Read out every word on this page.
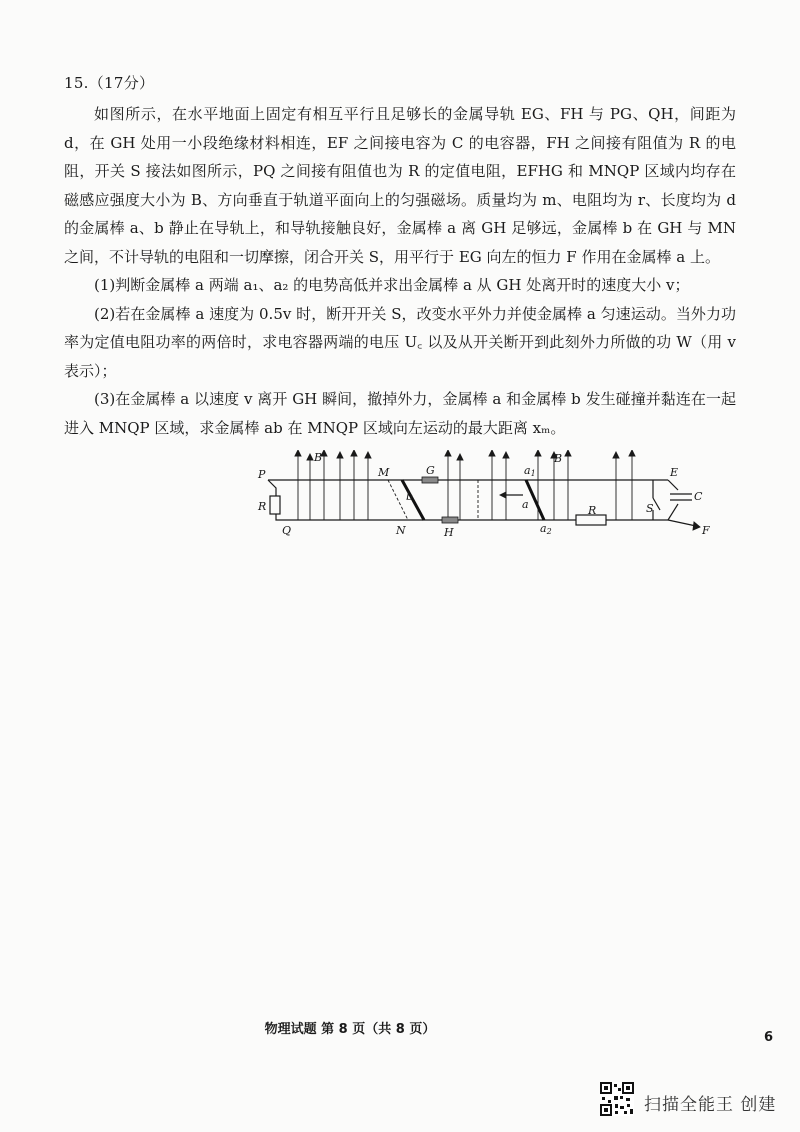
15.（17分）

如图所示，在水平地面上固定有相互平行且足够长的金属导轨 EG、FH 与 PG、QH，间距为 d，在 GH 处用一小段绝缘材料相连，EF 之间接电容为 C 的电容器，FH 之间接有阻值为 R 的电阻，开关 S 接法如图所示，PQ 之间接有阻值也为 R 的定值电阻，EFHG 和 MNQP 区域内均存在磁感应强度大小为 B、方向垂直于轨道平面向上的匀强磁场。质量均为 m、电阻均为 r、长度均为 d 的金属棒 a、b 静止在导轨上，和导轨接触良好，金属棒 a 离 GH 足够远，金属棒 b 在 GH 与 MN 之间，不计导轨的电阻和一切摩擦，闭合开关 S，用平行于 EG 向左的恒力 F 作用在金属棒 a 上。

(1)判断金属棒 a 两端 a₁、a₂ 的电势高低并求出金属棒 a 从 GH 处离开时的速度大小 v；

(2)若在金属棒 a 速度为 0.5v 时，断开开关 S，改变水平外力并使金属棒 a 匀速运动。当外力功率为定值电阻功率的两倍时，求电容器两端的电压 U꜀ 以及从开关断开到此刻外力所做的功 W（用 v 表示）；

(3)在金属棒 a 以速度 v 离开 GH 瞬间，撤掉外力，金属棒 a 和金属棒 b 发生碰撞并黏连在一起进入 MNQP 区域，求金属棒 ab 在 MNQP 区域向左运动的最大距离 xₘ。

P
Q
R
B
M
N
b
G
H
a
a1
a2
B
R
E
S
C
F
物理试题 第 8 页（共 8 页）
6
扫描全能王 创建
